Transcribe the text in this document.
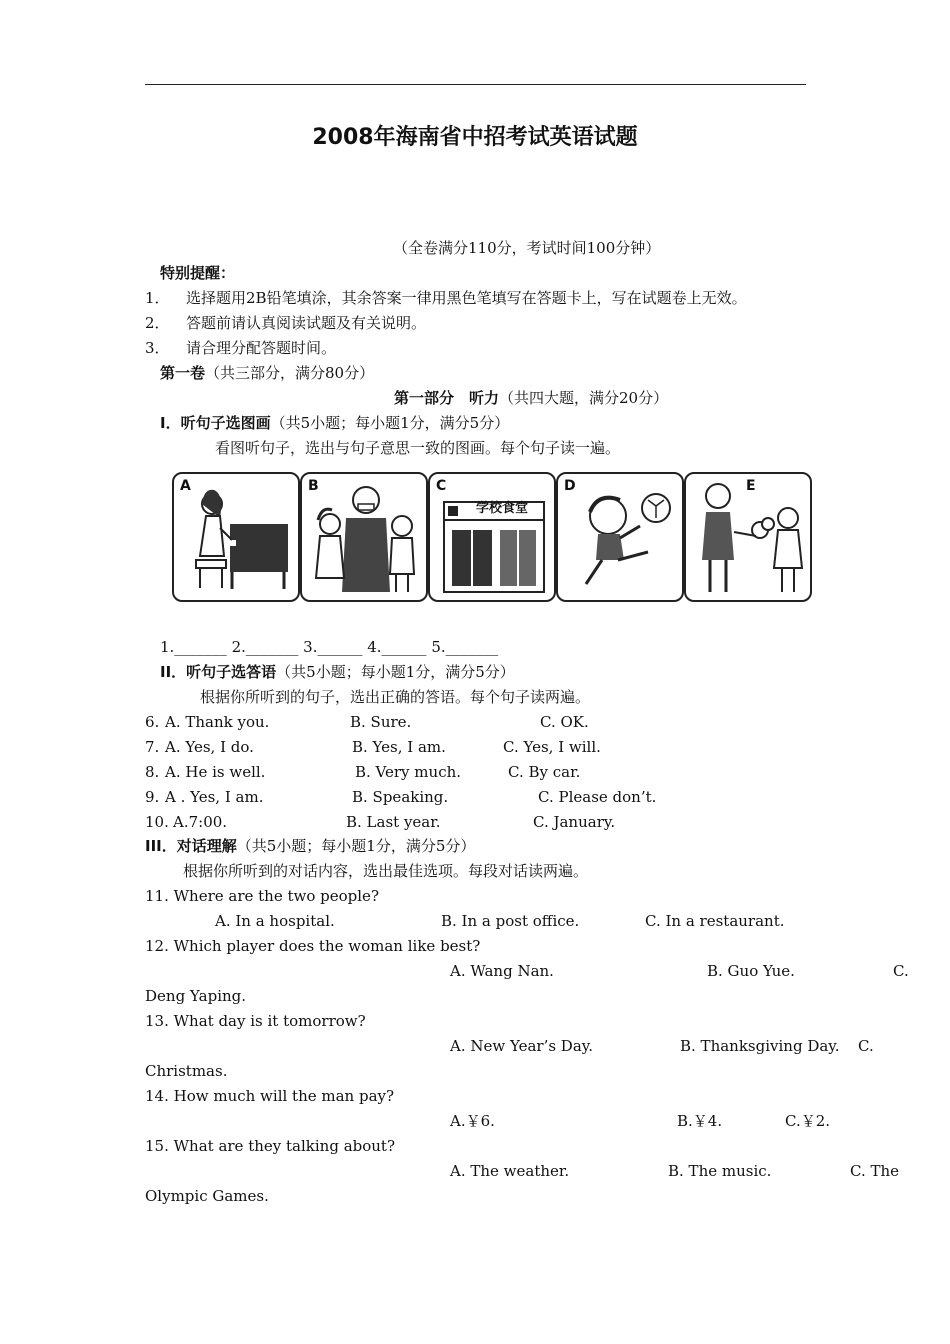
2008年海南省中招考试英语试题
（全卷满分110分，考试时间100分钟）
特别提醒：
1． 选择题用2B铅笔填涂，其余答案一律用黑色笔填写在答题卡上，写在试题卷上无效。
2． 答题前请认真阅读试题及有关说明。
3． 请合理分配答题时间。
第一卷（共三部分，满分80分）
第一部分　听力（共四大题，满分20分）
I．听句子选图画（共5小题；每小题1分，满分5分）
看图听句子，选出与句子意思一致的图画。每个句子读一遍。
A	B	C
学校食堂
D	E
1._______ 2._______ 3.______ 4.______ 5._______
II．听句子选答语（共5小题；每小题1分，满分5分）
根据你所听到的句子，选出正确的答语。每个句子读两遍。
6. A. Thank you.	B. Sure.	C. OK.
7. A. Yes, I do.	B. Yes, I am.	C. Yes, I will.
8. A. He is well.	B. Very much.	C. By car.
9. A . Yes, I am.	B. Speaking.	C. Please don’t.
10. A.7:00.	B. Last year.	C. January.
III．对话理解（共5小题；每小题1分，满分5分）
根据你所听到的对话内容，选出最佳选项。每段对话读两遍。
11. Where are the two people?
A. In a hospital.	B. In a post office.	C. In a restaurant.
12. Which player does the woman like best?
A. Wang Nan.	B. Guo Yue.	C.
Deng Yaping.
13. What day is it tomorrow?
A. New Year’s Day.	B. Thanksgiving Day. C.
Christmas.
14. How much will the man pay?
A.￥6.	B.￥4.	C.￥2.
15. What are they talking about?
A. The weather.	B. The music.	C. The
Olympic Games.
